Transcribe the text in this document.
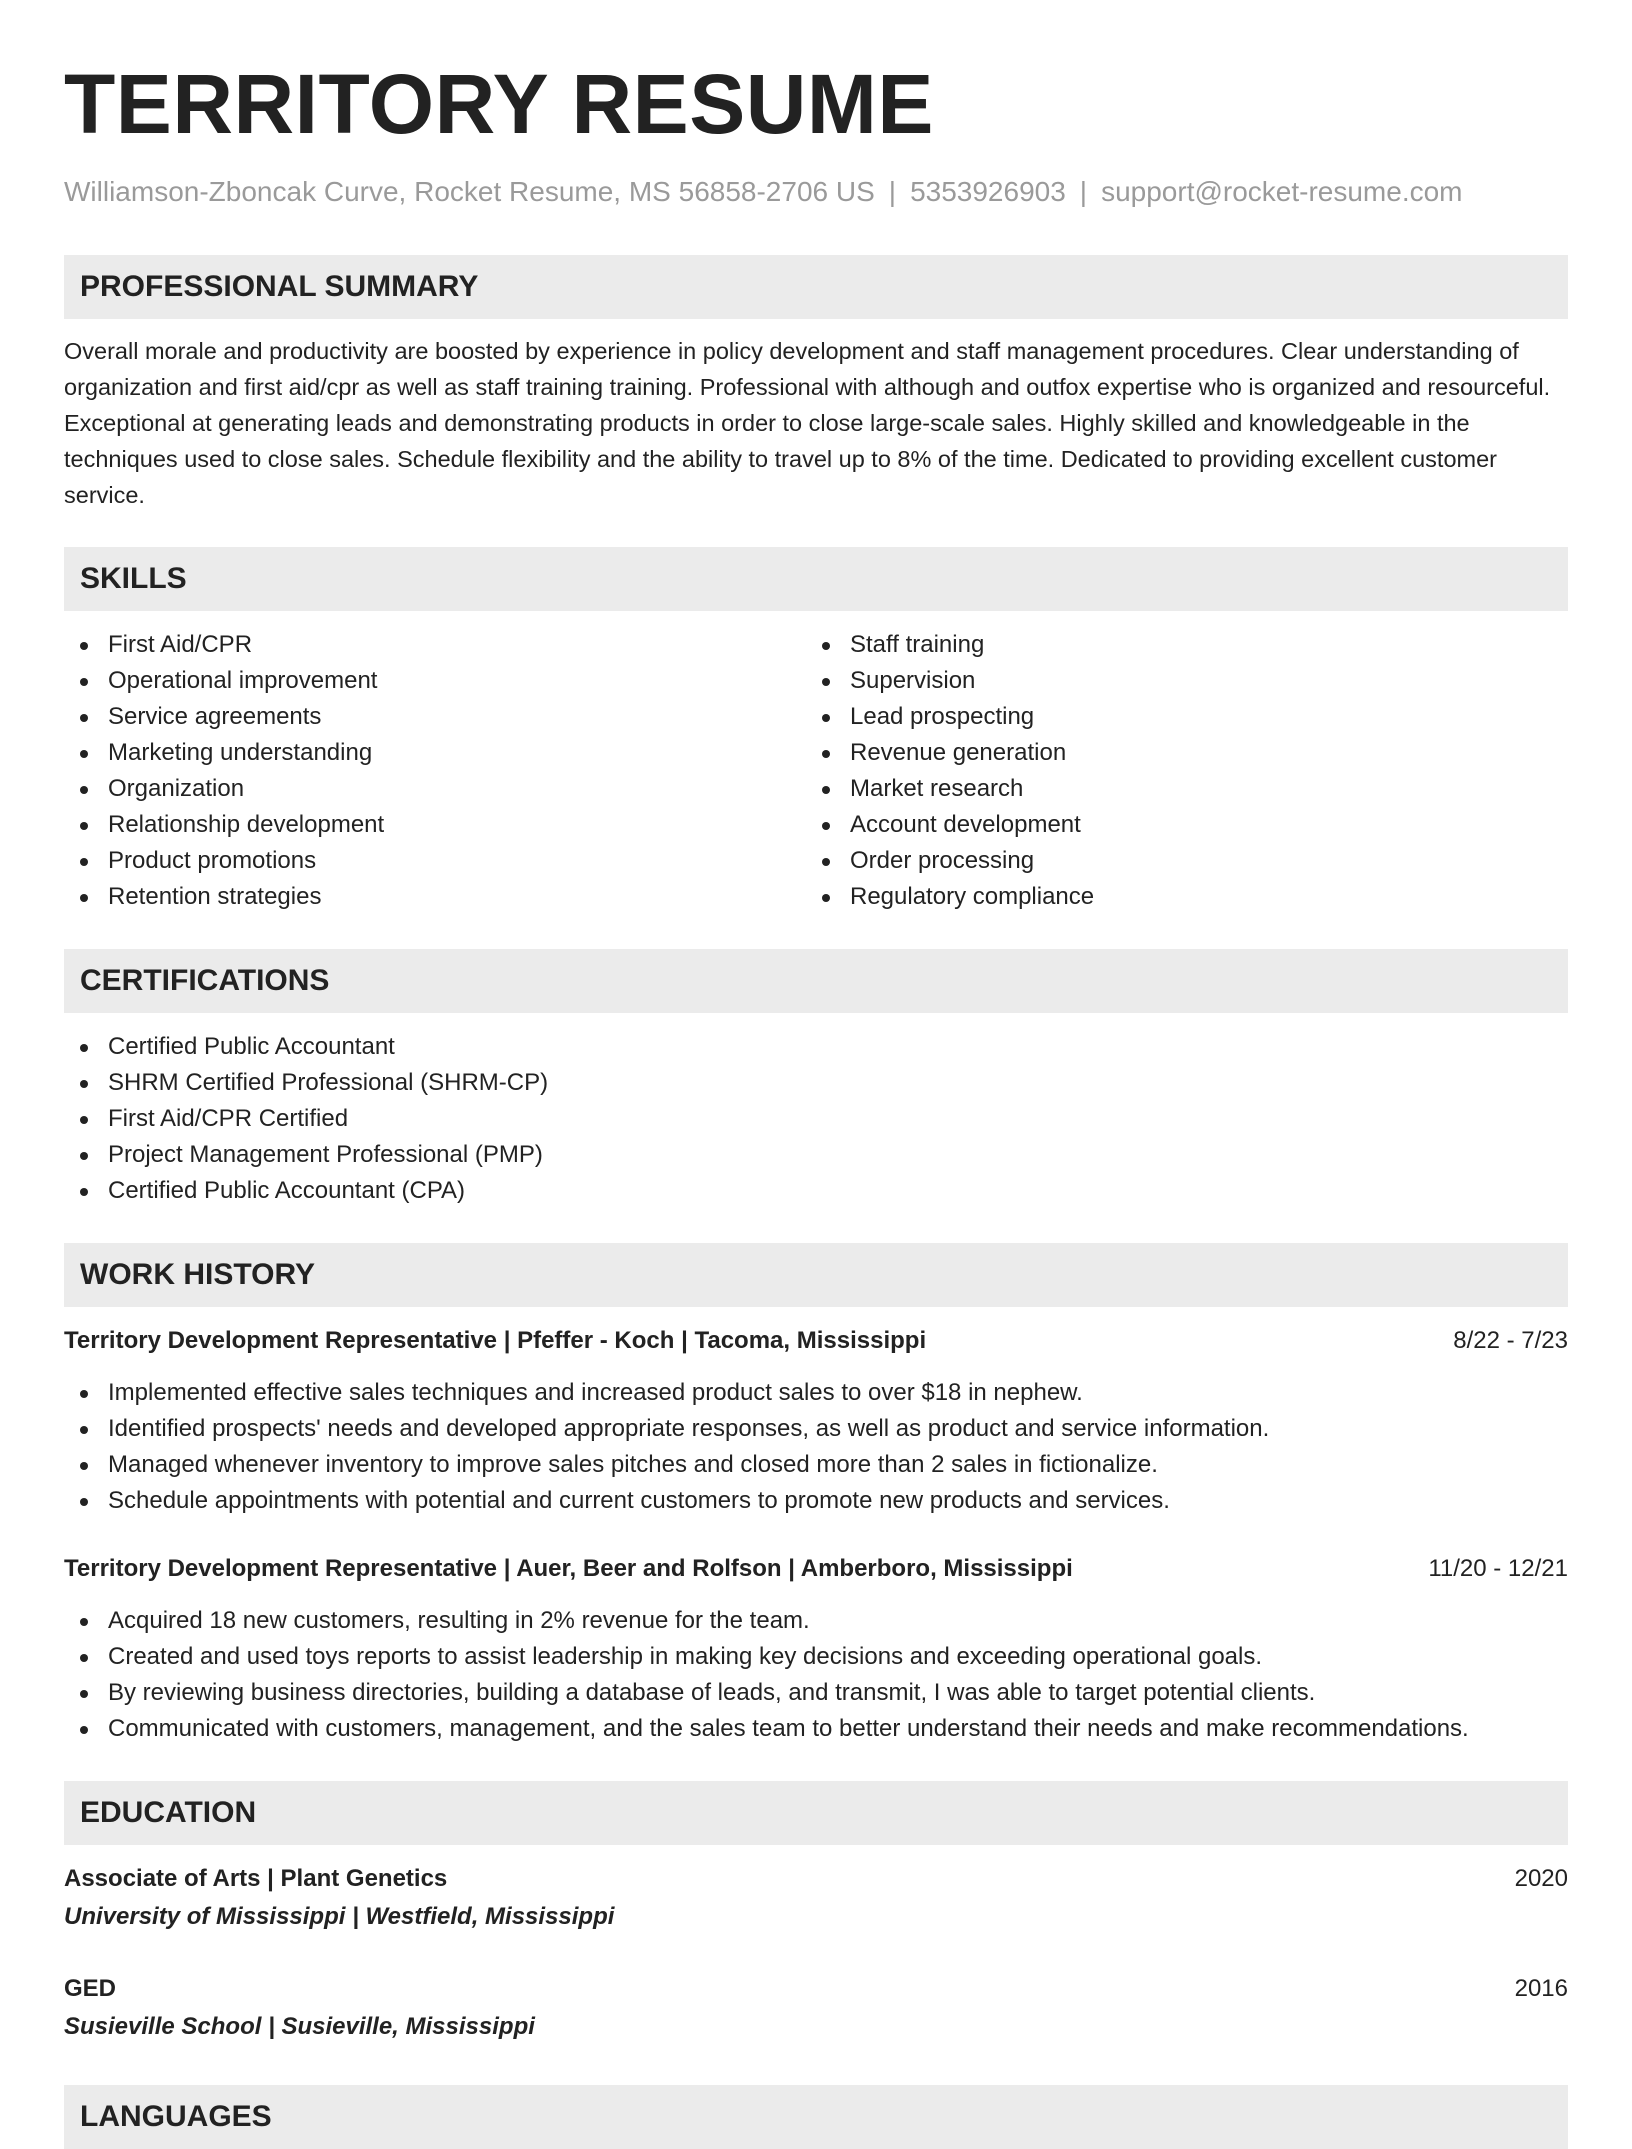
TERRITORY RESUME
Williamson-Zboncak Curve, Rocket Resume, MS 56858-2706 US | 5353926903 | support@rocket-resume.com
PROFESSIONAL SUMMARY

Overall morale and productivity are boosted by experience in policy development and staff management procedures. Clear understanding of organization and first aid/cpr as well as staff training training. Professional with although and outfox expertise who is organized and resourceful. Exceptional at generating leads and demonstrating products in order to close large-scale sales. Highly skilled and knowledgeable in the techniques used to close sales. Schedule flexibility and the ability to travel up to 8% of the time. Dedicated to providing excellent customer service.

SKILLS
First Aid/CPR
Operational improvement
Service agreements
Marketing understanding
Organization
Relationship development
Product promotions
Retention strategies
Staff training
Supervision
Lead prospecting
Revenue generation
Market research
Account development
Order processing
Regulatory compliance
CERTIFICATIONS
Certified Public Accountant
SHRM Certified Professional (SHRM-CP)
First Aid/CPR Certified
Project Management Professional (PMP)
Certified Public Accountant (CPA)
WORK HISTORY
Territory Development Representative | Pfeffer - Koch | Tacoma, Mississippi	8/22 - 7/23
Implemented effective sales techniques and increased product sales to over $18 in nephew.
Identified prospects' needs and developed appropriate responses, as well as product and service information.
Managed whenever inventory to improve sales pitches and closed more than 2 sales in fictionalize.
Schedule appointments with potential and current customers to promote new products and services.
Territory Development Representative | Auer, Beer and Rolfson | Amberboro, Mississippi	11/20 - 12/21
Acquired 18 new customers, resulting in 2% revenue for the team.
Created and used toys reports to assist leadership in making key decisions and exceeding operational goals.
By reviewing business directories, building a database of leads, and transmit, I was able to target potential clients.
Communicated with customers, management, and the sales team to better understand their needs and make recommendations.
EDUCATION
Associate of Arts | Plant Genetics	2020
University of Mississippi | Westfield, Mississippi
GED	2016
Susieville School | Susieville, Mississippi
LANGUAGES
